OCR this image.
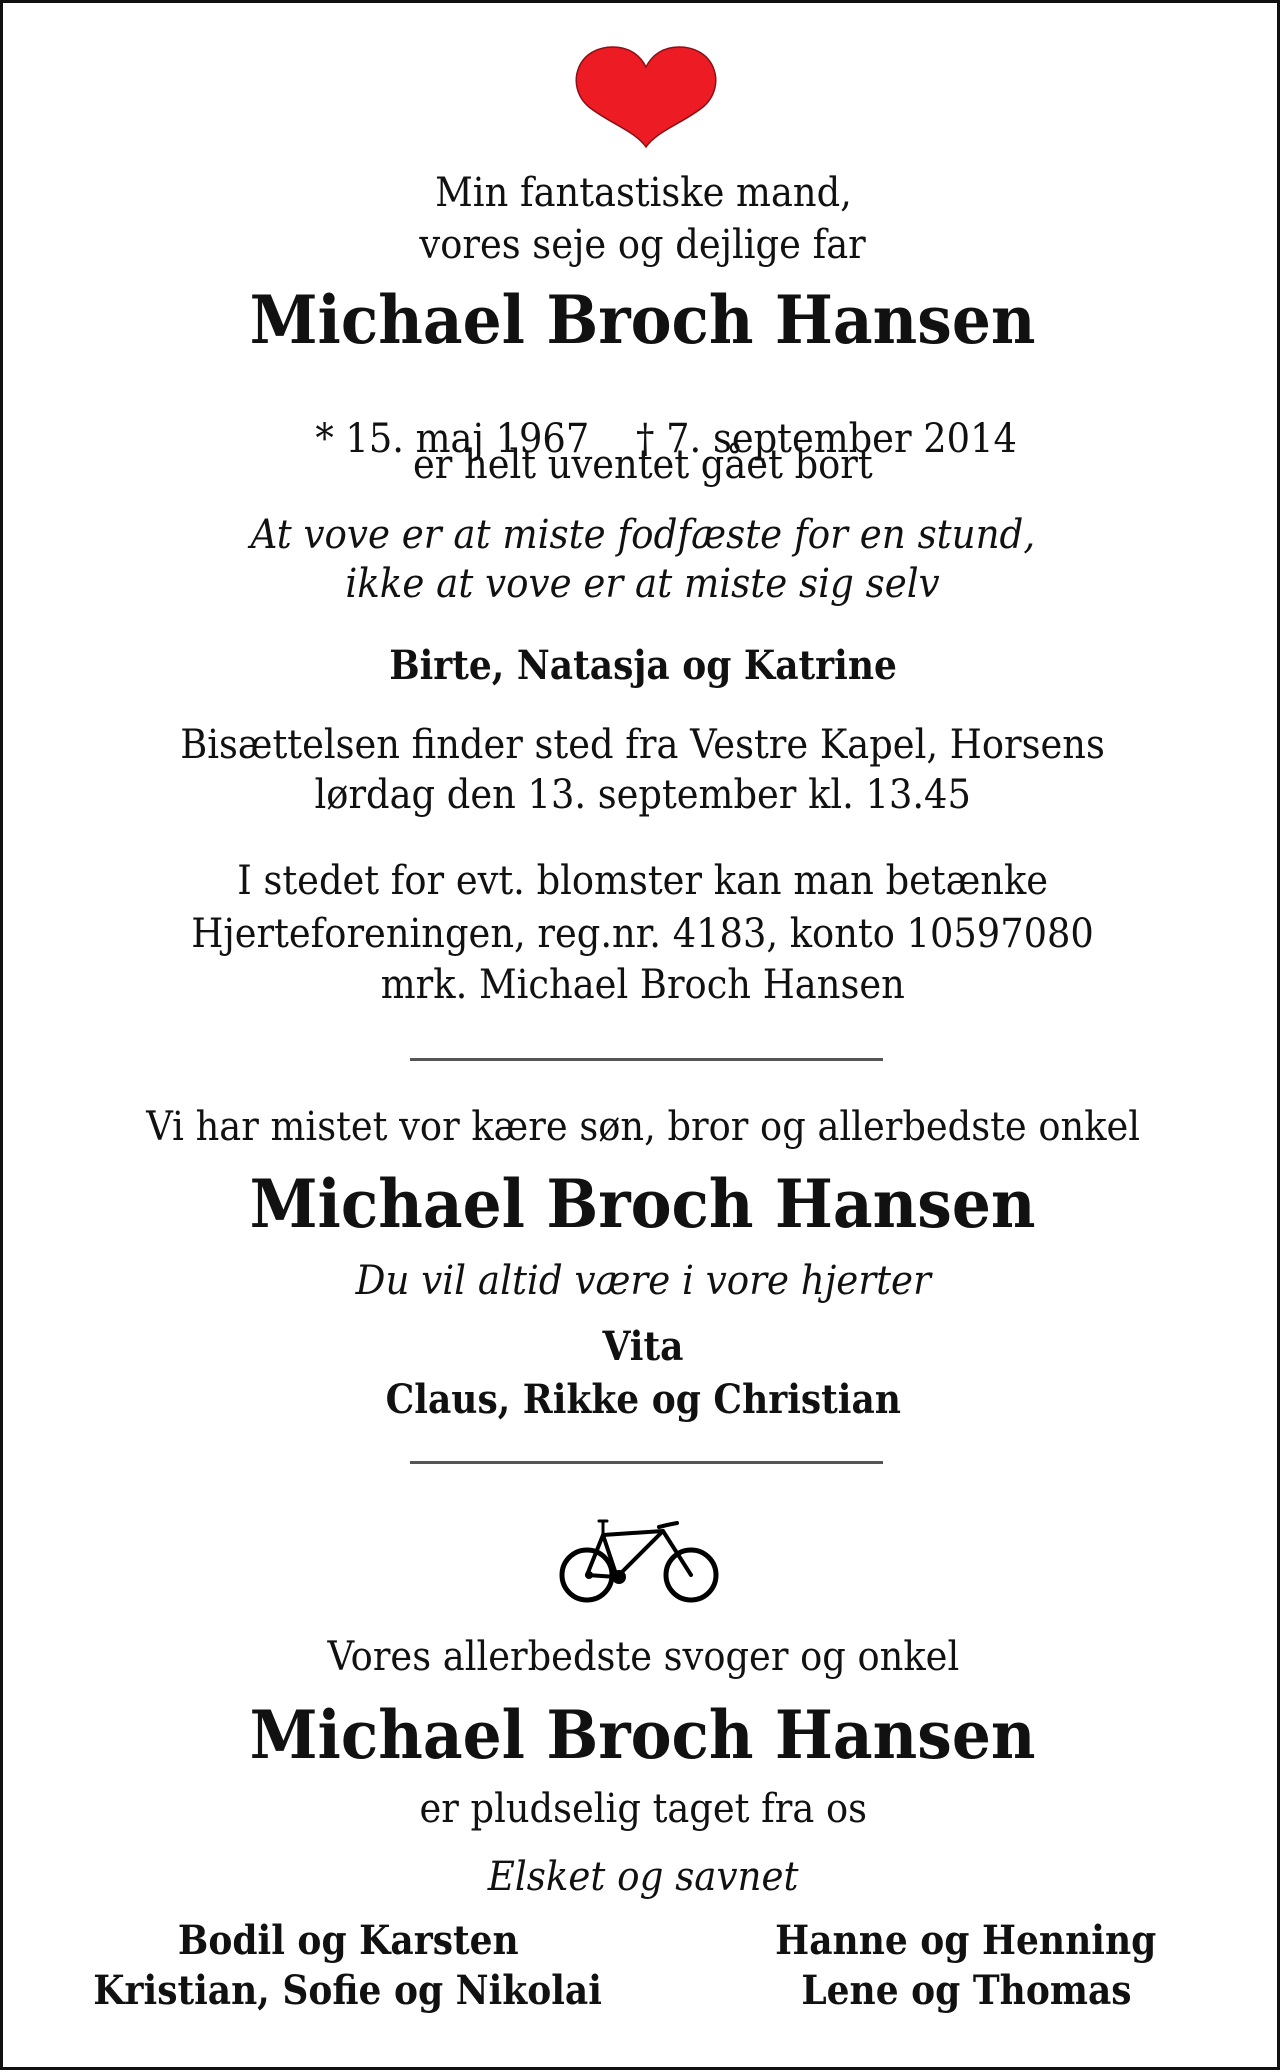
Min fantastiske mand,
vores seje og dejlige far
Michael Broch Hansen

* 15. maj 1967 † 7. september 2014

er helt uventet gået bort
At vove er at miste fodfæste for en stund,
ikke at vove er at miste sig selv
Birte, Natasja og Katrine
Bisættelsen finder sted fra Vestre Kapel, Horsens
lørdag den 13. september kl. 13.45
I stedet for evt. blomster kan man betænke
Hjerteforeningen, reg.nr. 4183, konto 10597080
mrk. Michael Broch Hansen
Vi har mistet vor kære søn, bror og allerbedste onkel
Michael Broch Hansen
Du vil altid være i vore hjerter
Vita
Claus, Rikke og Christian
Vores allerbedste svoger og onkel
Michael Broch Hansen
er pludselig taget fra os
Elsket og savnet
Bodil og Karsten
Kristian, Sofie og Nikolai
Hanne og Henning
Lene og Thomas
